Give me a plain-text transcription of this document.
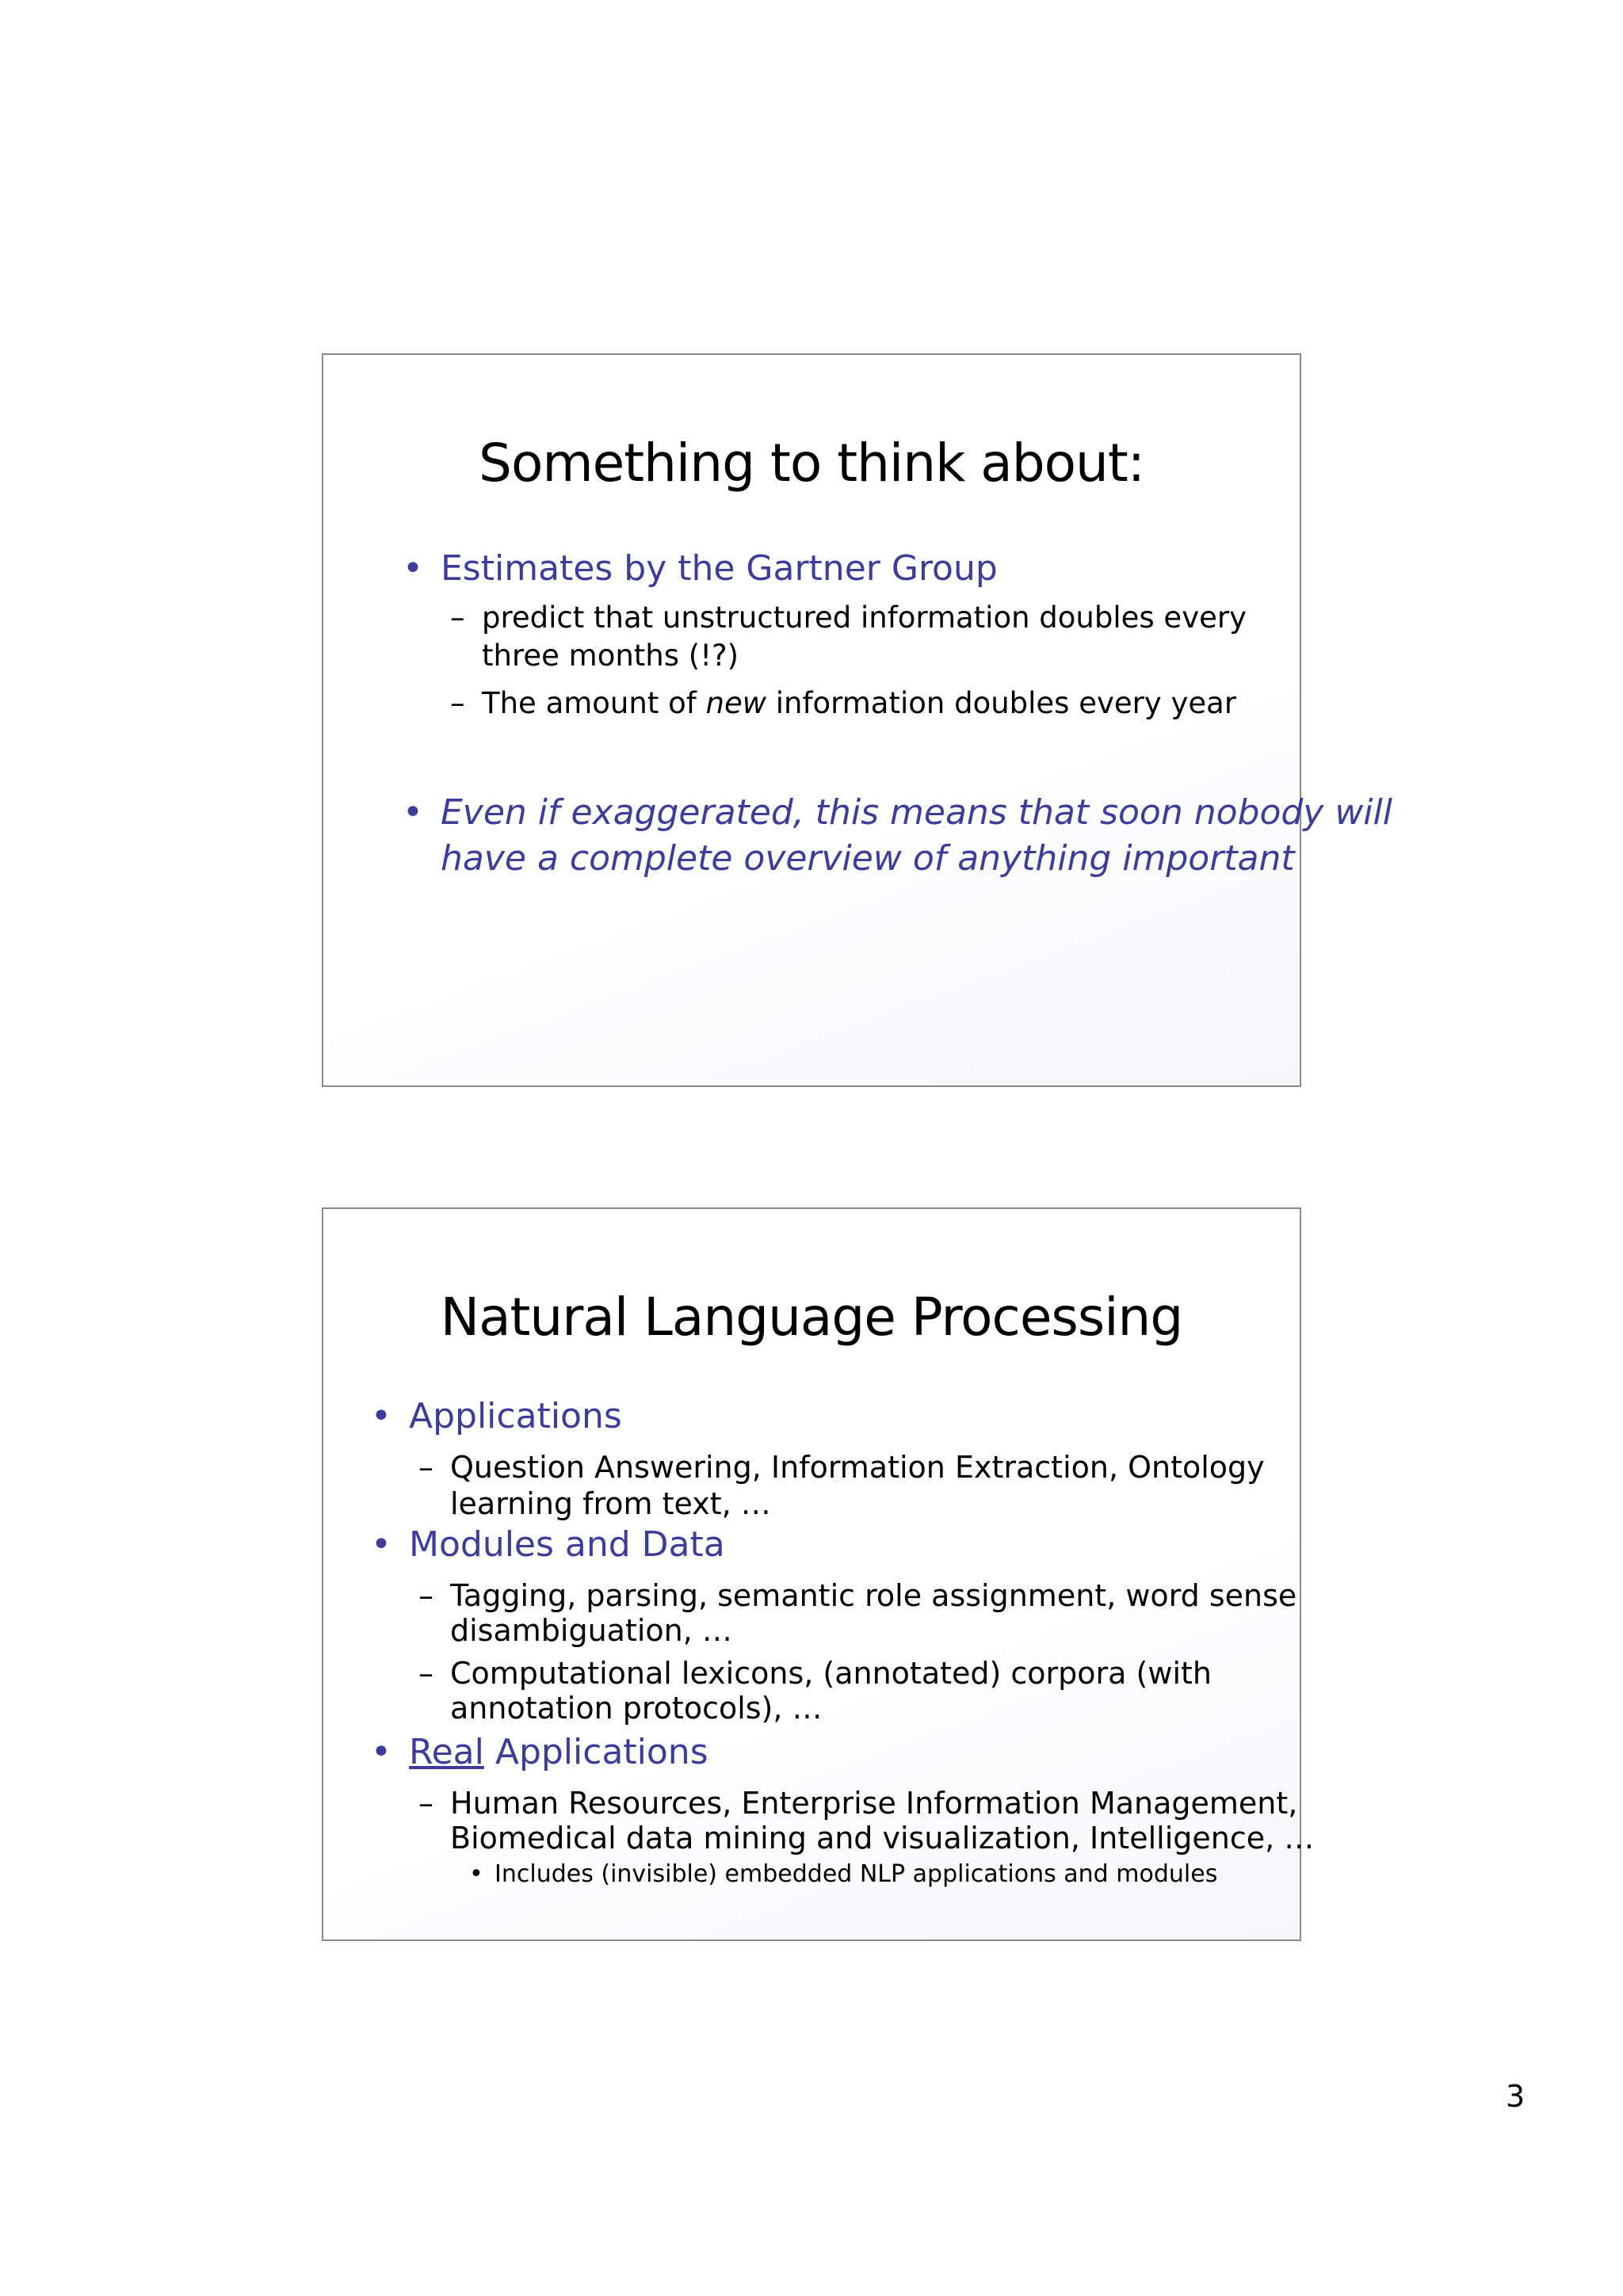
Something to think about:
• Estimates by the Gartner Group
– predict that unstructured information doubles every
three months (!?)
– The amount of new information doubles every year
• Even if exaggerated, this means that soon nobody will
have a complete overview of anything important
Natural Language Processing
• Applications
– Question Answering, Information Extraction, Ontology
learning from text, …
• Modules and Data
– Tagging, parsing, semantic role assignment, word sense
disambiguation, …
– Computational lexicons, (annotated) corpora (with
annotation protocols), …
• Real Applications
– Human Resources, Enterprise Information Management,
Biomedical data mining and visualization, Intelligence, …
• Includes (invisible) embedded NLP applications and modules
3
